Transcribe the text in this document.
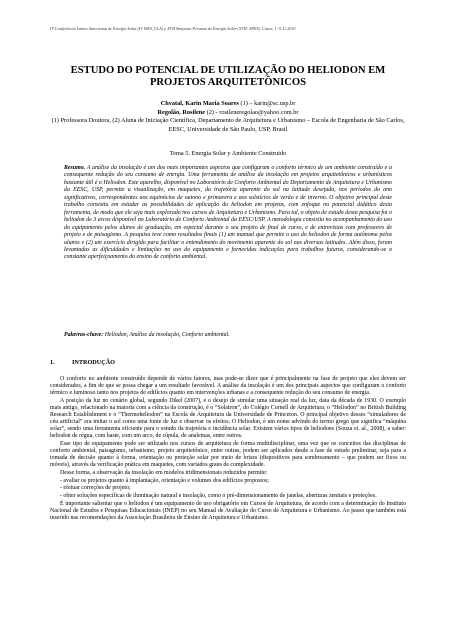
IV Conferência Latino Americana de Energia Solar (IV ISES_CLA) y XVII Simposio Peruano de Energía Solar (XVII- SPES), Cusco, 1 -5.11.2010
ESTUDO DO POTENCIAL DE UTILIZAÇÃO DO HELIODON EM PROJETOS ARQUITETÔNICOS
Chvatal, Karin Maria Soares (1) – karin@sc.usp.br
Regolão, Rosilene (2) - rosileneregolao@yahoo.com.br
(1) Professora Doutora, (2) Aluna de Iniciação Científica, Departamento de Arquitetura e Urbanismo – Escola de Engenharia de São Carlos, EESC, Universidade de São Paulo, USP, Brasil
Tema 5. Energia Solar y Ambiente Construido
Resumo. A análise da insolação é um dos mais importantes aspectos que configuram o conforto térmico de um ambiente construído e a consequente redução do seu consumo de energia. Uma ferramenta de análise da insolação em projetos arquitetônicos e urbanísticos bastante útil é o Heliodon. Este aparelho, disponível no Laboratório de Conforto Ambiental do Departamento de Arquitetura e Urbanismo da EESC, USP, permite a visualização, em maquetes, da trajetória aparente do sol na latitude desejada, nos períodos do ano significativos, correspondentes aos equinócios de outono e primavera e aos solstícios de verão e de inverno. O objetivo principal deste trabalho consistiu em estudar as possibilidades de aplicação do heliodon em projetos, com enfoque no potencial didático desta ferramenta, de modo que ele seja mais explorado nos cursos de Arquitetura e Urbanismo. Para tal, o objeto de estudo desta pesquisa foi o heliodon de 3 arcos disponível no Laboratório de Conforto Ambiental da EESC/USP. A metodologia consistiu no acompanhamento do uso do equipamento pelos alunos de graduação, em especial durante o seu projeto de final de curso, e de entrevistas com professores de projeto e de paisagismo. A pesquisa teve como resultados finais (1) um manual que permite o uso do heliodon de forma autônoma pelos alunos e (2) um exercício dirigido para facilitar o entendimento do movimento aparente do sol nas diversas latitudes. Além disso, foram levantadas as dificuldades e limitações no uso do equipamento e fornecidas indicações para trabalhos futuros, considerando-se o constante aperfeiçoamento do ensino de conforto ambiental.
Palavras-chave: Heliodon, Análise da insolação, Conforto ambiental.
1.	INTRODUÇÃO

O conforto no ambiente construído depende de vários fatores, mas pode-se dizer que é principalmente na fase de projeto que eles devem ser considerados, a fim de que se possa chegar a um resultado favorável. A análise da insolação é um dos principais aspectos que configuram o conforto térmico e luminoso tanto nos projetos de edifícios quanto em intervenções urbanas e a consequente redução do seu consumo de energia.

A posição da luz no cenário global, segundo Dikel (2007), e o desejo de simular uma situação real da luz, data da década de 1930. O exemplo mais antigo, relacionado na maioria com a ciência da construção, é o “Solatron”, do Colégio Cornell de Arquitetura, o “Heliodon” no British Building Research Establishment e o “Thermoheliodon” na Escola de Arquitetura da Universidade de Princeton. O principal objetivo desses “simuladores de céu artificial” era imitar o sol como uma fonte de luz e observar os efeitos. O Heliodon, é um nome advindo do termo grego que significa “máquina solar”, sendo uma ferramenta eficiente para o estudo da trajetória e incidência solar. Existem vários tipos de heliodons (Souza et. al., 2008), a saber: heliodon de régua, com haste, com um arco, de cúpula, de analemas, entre outros.

Esse tipo de equipamento pode ser utilizado nos cursos de arquitetura de forma multidisciplinar, uma vez que os conceitos das disciplinas de conforto ambiental, paisagismo, urbanismo, projeto arquitetônico, entre outras, podem ser aplicados desde a fase de estudo preliminar, seja para a tomada de decisão quanto à forma, orientação ou proteção solar por meio de brises (dispositivos para sombreamento – que podem ser fixos ou móveis), através da verificação prática em maquetes, com variados graus de complexidade.

Desse forma, a observação da insolação em modelos tridimensionais reduzidos permite:

- avaliar os projetos quanto à implantação, orientação e volumes dos edifícios propostos;

- efetuar correções de projeto;

- obter soluções específicas de iluminação natural e insolação, como o pré-dimensionamento de janelas, aberturas zenitais e proteções.

É importante salientar que o heliodon é um equipamento de uso obrigatório em Cursos de Arquitetura, de acordo com a determinação do Instituto Nacional de Estudos e Pesquisas Educacionais (INEP) no seu Manual de Avaliação do Curso de Arquitetura e Urbanismo. Ao passo que também está inserido nas recomendações da Associação Brasileira de Ensino de Arquitetura e Urbanismo.
